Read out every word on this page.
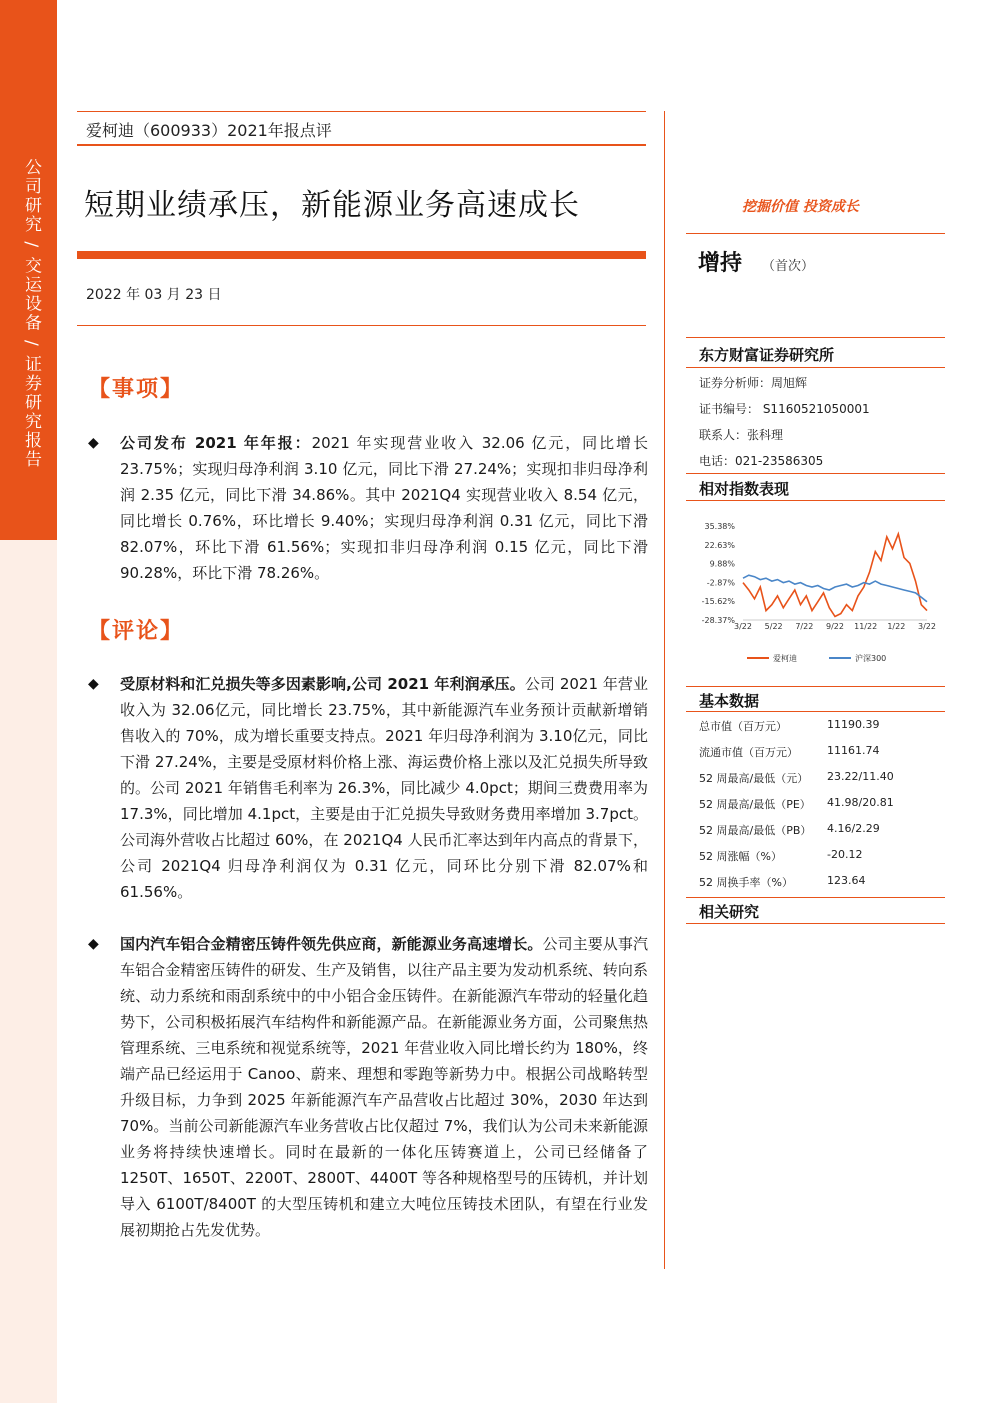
公司研究 / 交运设备 / 证券研究报告
爱柯迪（600933）2021年报点评
短期业绩承压，新能源业务高速成长
2022 年 03 月 23 日
【事项】
◆ 公司发布 2021 年年报：2021 年实现营业收入 32.06 亿元，同比增长 23.75%；实现归母净利润 3.10 亿元，同比下滑 27.24%；实现扣非归母净利润 2.35 亿元，同比下滑 34.86%。其中 2021Q4 实现营业收入 8.54 亿元，同比增长 0.76%，环比增长 9.40%；实现归母净利润 0.31 亿元，同比下滑 82.07%，环比下滑 61.56%；实现扣非归母净利润 0.15 亿元，同比下滑 90.28%，环比下滑 78.26%。
【评论】
◆ 受原材料和汇兑损失等多因素影响,公司 2021 年利润承压。公司 2021 年营业收入为 32.06亿元，同比增长 23.75%，其中新能源汽车业务预计贡献新增销售收入的 70%，成为增长重要支持点。2021 年归母净利润为 3.10亿元，同比下滑 27.24%，主要是受原材料价格上涨、海运费价格上涨以及汇兑损失所导致的。公司 2021 年销售毛利率为 26.3%，同比减少 4.0pct；期间三费费用率为 17.3%，同比增加 4.1pct，主要是由于汇兑损失导致财务费用率增加 3.7pct。公司海外营收占比超过 60%，在 2021Q4 人民币汇率达到年内高点的背景下，公司 2021Q4 归母净利润仅为 0.31 亿元，同环比分别下滑 82.07%和 61.56%。
◆ 国内汽车铝合金精密压铸件领先供应商，新能源业务高速增长。公司主要从事汽车铝合金精密压铸件的研发、生产及销售，以往产品主要为发动机系统、转向系统、动力系统和雨刮系统中的中小铝合金压铸件。在新能源汽车带动的轻量化趋势下，公司积极拓展汽车结构件和新能源产品。在新能源业务方面，公司聚焦热管理系统、三电系统和视觉系统等，2021 年营业收入同比增长约为 180%，终端产品已经运用于 Canoo、蔚来、理想和零跑等新势力中。根据公司战略转型升级目标，力争到 2025 年新能源汽车产品营收占比超过 30%，2030 年达到 70%。当前公司新能源汽车业务营收占比仅超过 7%，我们认为公司未来新能源业务将持续快速增长。同时在最新的一体化压铸赛道上，公司已经储备了 1250T、1650T、2200T、2800T、4400T 等各种规格型号的压铸机，并计划导入 6100T/8400T 的大型压铸机和建立大吨位压铸技术团队，有望在行业发展初期抢占先发优势。
挖掘价值 投资成长
增持 （首次）
东方财富证券研究所
证券分析师：周旭辉
证书编号： S1160521050001
联系人：张科理
电话：021-23586305
相对指数表现
35.38%
22.63%
9.88%
-2.87%
-15.62%
-28.37%
3/22 5/22 7/22 9/22 11/22 1/22 3/22
爱柯迪	沪深300
基本数据
总市值（百万元）	11190.39
流通市值（百万元）	11161.74
52 周最高/最低（元） 23.22/11.40
52 周最高/最低（PE） 41.98/20.81
52 周最高/最低（PB） 4.16/2.29
52 周涨幅（%）	-20.12
52 周换手率（%）	123.64
相关研究
